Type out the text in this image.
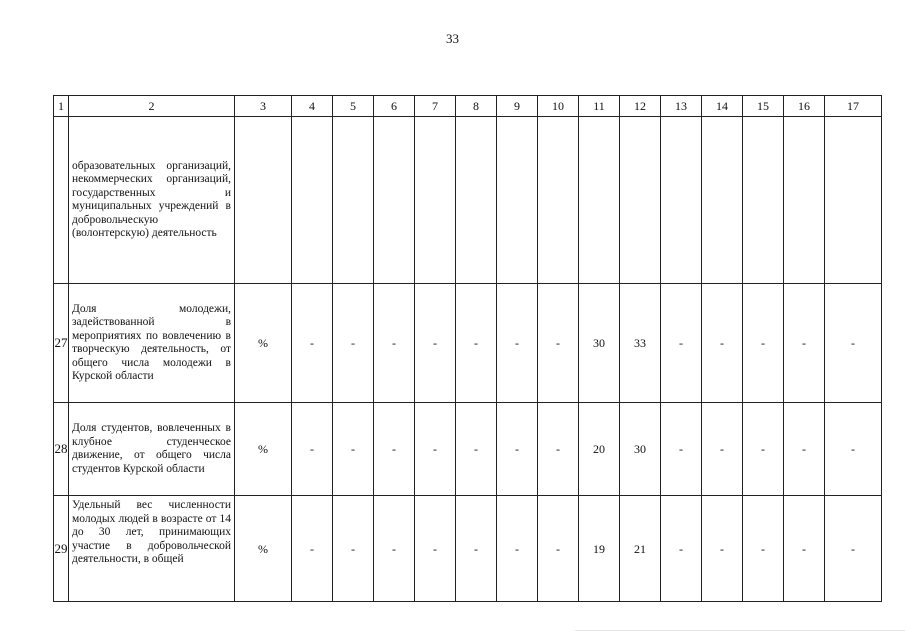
33
1	2	3	4	5	6	7	8	9	10	11	12	13	14	15	16	17
	образовательных организаций, некоммерческих организаций, государственных и муниципальных учреждений в добровольческую (волонтерскую) деятельность															
27	Доля молодежи, задействованной в мероприятиях по вовлечению в творческую деятельность, от общего числа молодежи в Курской области	%	-	-	-	-	-	-	-	30	33	-	-	-	-	-
28	Доля студентов, вовлеченных в клубное студенческое движение, от общего числа студентов Курской области	%	-	-	-	-	-	-	-	20	30	-	-	-	-	-
29	Удельный вес численности молодых людей в возрасте от 14 до 30 лет, принимающих участие в добровольческой деятельности, в общей	%	-	-	-	-	-	-	-	19	21	-	-	-	-	-
